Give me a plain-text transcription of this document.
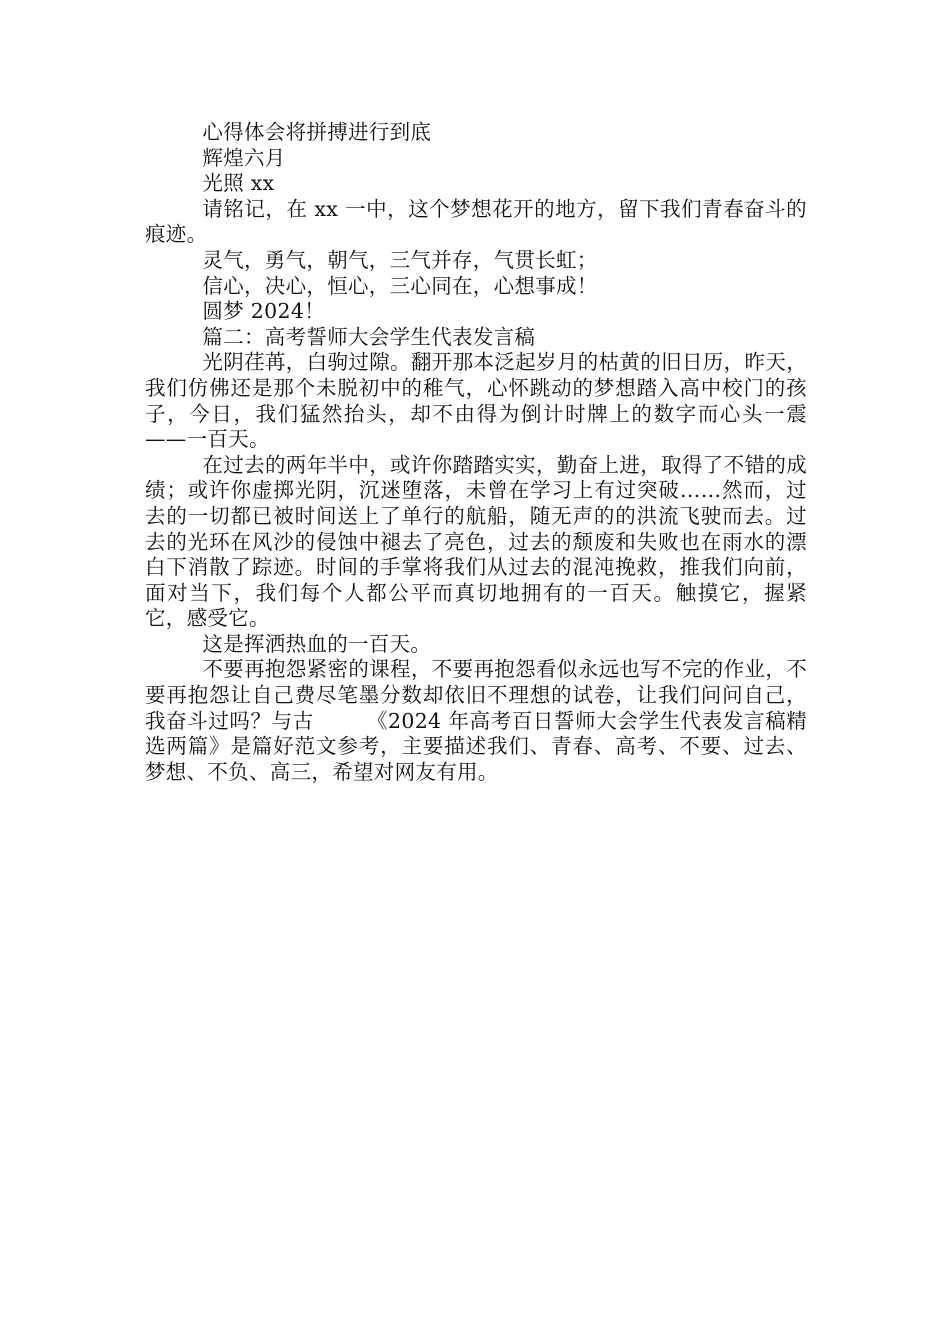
心得体会将拼搏进行到底

辉煌六月

光照 xx

请铭记，在 xx 一中，这个梦想花开的地方，留下我们青春奋斗的痕迹。

灵气，勇气，朝气，三气并存，气贯长虹；

信心，决心，恒心，三心同在，心想事成！

圆梦 2024！

篇二：高考誓师大会学生代表发言稿

光阴荏苒，白驹过隙。翻开那本泛起岁月的枯黄的旧日历，昨天，我们仿佛还是那个未脱初中的稚气，心怀跳动的梦想踏入高中校门的孩子，今日，我们猛然抬头，却不由得为倒计时牌上的数字而心头一震——一百天。

在过去的两年半中，或许你踏踏实实，勤奋上进，取得了不错的成绩；或许你虚掷光阴，沉迷堕落，未曾在学习上有过突破……然而，过去的一切都已被时间送上了单行的航船，随无声的的洪流飞驶而去。过去的光环在风沙的侵蚀中褪去了亮色，过去的颓废和失败也在雨水的漂白下消散了踪迹。时间的手掌将我们从过去的混沌挽救，推我们向前，面对当下，我们每个人都公平而真切地拥有的一百天。触摸它，握紧它，感受它。

这是挥洒热血的一百天。

不要再抱怨紧密的课程，不要再抱怨看似永远也写不完的作业，不要再抱怨让自己费尽笔墨分数却依旧不理想的试卷，让我们问问自己，我奋斗过吗？与古　　　《2024 年高考百日誓师大会学生代表发言稿精选两篇》是篇好范文参考，主要描述我们、青春、高考、不要、过去、梦想、不负、高三，希望对网友有用。
